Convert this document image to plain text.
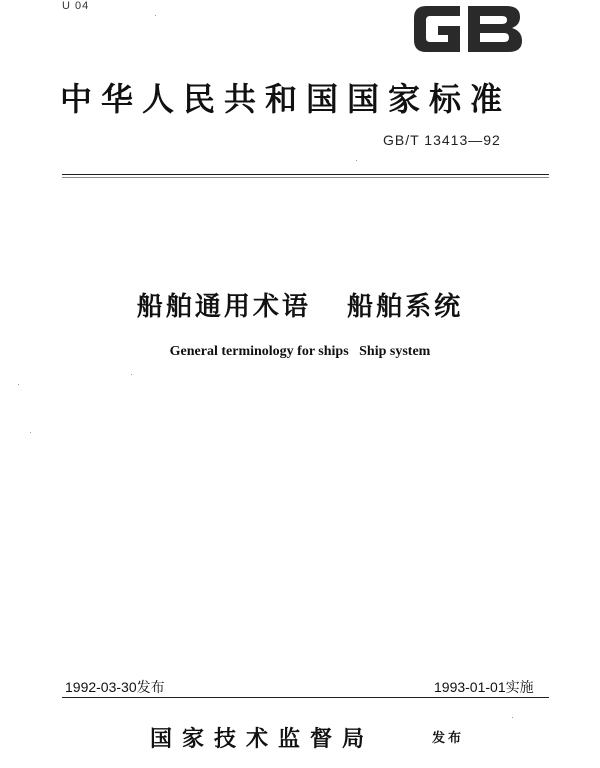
U 04	GB
中华人民共和国国家标准
GB/T 13413—92
船舶通用术语   船舶系统
General terminology for ships   Ship system
1992-03-30发布	1993-01-01实施
国家技术监督局	发布
